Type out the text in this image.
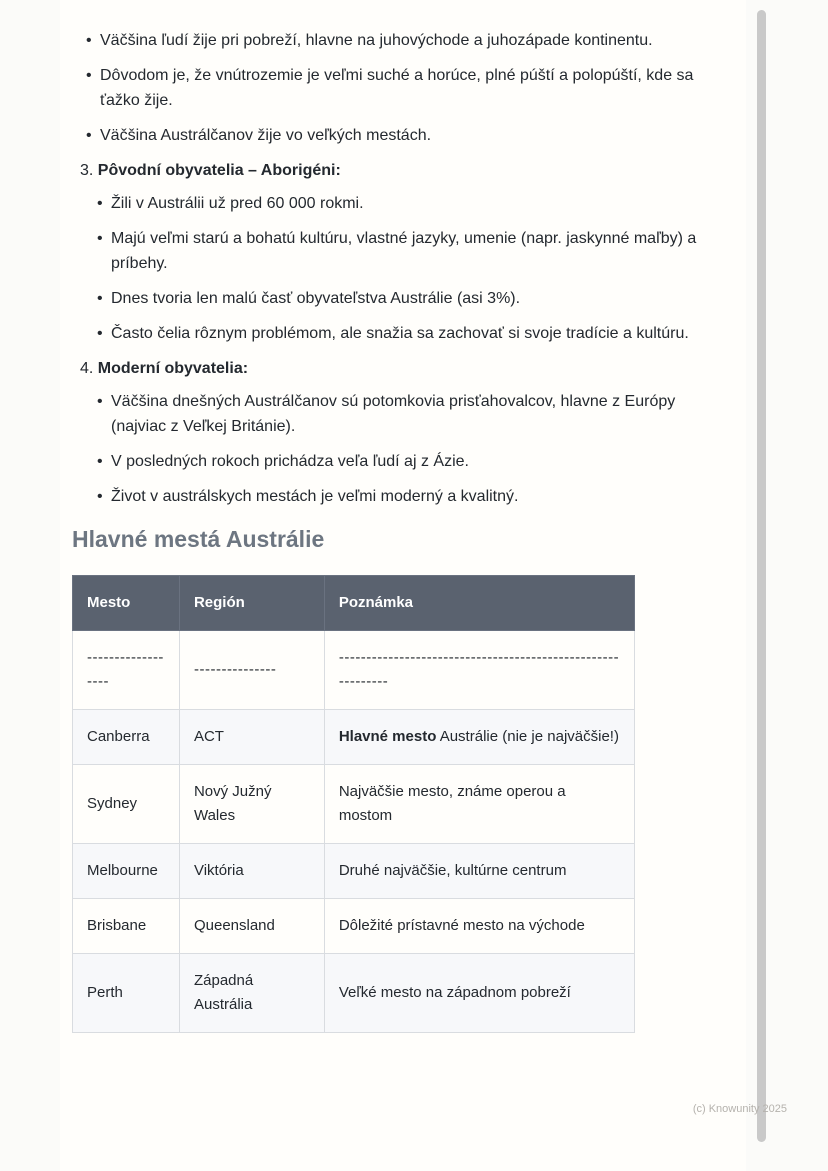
• Väčšina ľudí žije pri pobreží, hlavne na juhovýchode a juhozápade kontinentu.
• Dôvodom je, že vnútrozemie je veľmi suché a horúce, plné púští a polopúští, kde sa ťažko žije.
• Väčšina Austrálčanov žije vo veľkých mestách.
3. Pôvodní obyvatelia – Aborigéni:
• Žili v Austrálii už pred 60 000 rokmi.
• Majú veľmi starú a bohatú kultúru, vlastné jazyky, umenie (napr. jaskynné maľby) a príbehy.
• Dnes tvoria len malú časť obyvateľstva Austrálie (asi 3%).
• Často čelia rôznym problémom, ale snažia sa zachovať si svoje tradície a kultúru.
4. Moderní obyvatelia:
• Väčšina dnešných Austrálčanov sú potomkovia prisťahovalcov, hlavne z Európy (najviac z Veľkej Británie).
• V posledných rokoch prichádza veľa ľudí aj z Ázie.
• Život v austrálskych mestách je veľmi moderný a kvalitný.
Hlavné mestá Austrálie
Mesto	Región	Poznámka
------------------	---------------	------------------------------------------------------------
Canberra	ACT	Hlavné mesto Austrálie (nie je najväčšie!)
Sydney	Nový Južný Wales	Najväčšie mesto, známe operou a mostom
Melbourne	Viktória	Druhé najväčšie, kultúrne centrum
Brisbane	Queensland	Dôležité prístavné mesto na východe
Perth	Západná Austrália	Veľké mesto na západnom pobreží
(c) Knowunity 2025
